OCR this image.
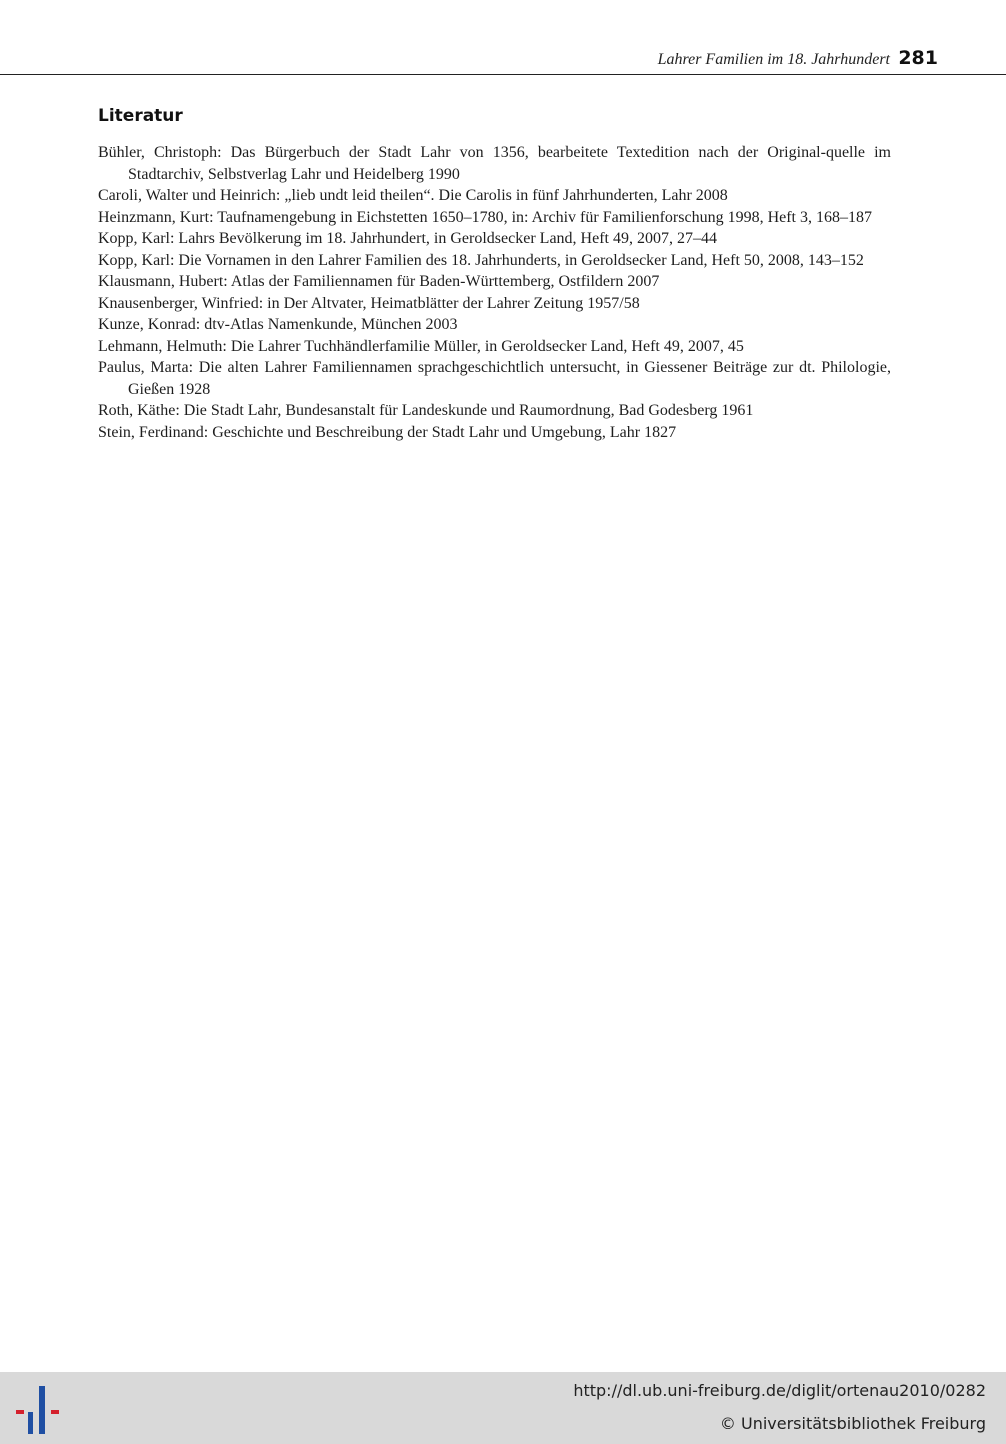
Lahrer Familien im 18. Jahrhundert 281
Literatur
Bühler, Christoph: Das Bürgerbuch der Stadt Lahr von 1356, bearbeitete Textedition nach der Original-quelle im Stadtarchiv, Selbstverlag Lahr und Heidelberg 1990
Caroli, Walter und Heinrich: „lieb undt leid theilen“. Die Carolis in fünf Jahrhunderten, Lahr 2008
Heinzmann, Kurt: Taufnamengebung in Eichstetten 1650–1780, in: Archiv für Familienforschung 1998, Heft 3, 168–187
Kopp, Karl: Lahrs Bevölkerung im 18. Jahrhundert, in Geroldsecker Land, Heft 49, 2007, 27–44
Kopp, Karl: Die Vornamen in den Lahrer Familien des 18. Jahrhunderts, in Geroldsecker Land, Heft 50, 2008, 143–152
Klausmann, Hubert: Atlas der Familiennamen für Baden-Württemberg, Ostfildern 2007
Knausenberger, Winfried: in Der Altvater, Heimatblätter der Lahrer Zeitung 1957/58
Kunze, Konrad: dtv-Atlas Namenkunde, München 2003
Lehmann, Helmuth: Die Lahrer Tuchhändlerfamilie Müller, in Geroldsecker Land, Heft 49, 2007, 45
Paulus, Marta: Die alten Lahrer Familiennamen sprachgeschichtlich untersucht, in Giessener Beiträge zur dt. Philologie, Gießen 1928
Roth, Käthe: Die Stadt Lahr, Bundesanstalt für Landeskunde und Raumordnung, Bad Godesberg 1961
Stein, Ferdinand: Geschichte und Beschreibung der Stadt Lahr und Umgebung, Lahr 1827
http://dl.ub.uni-freiburg.de/diglit/ortenau2010/0282
© Universitätsbibliothek Freiburg
